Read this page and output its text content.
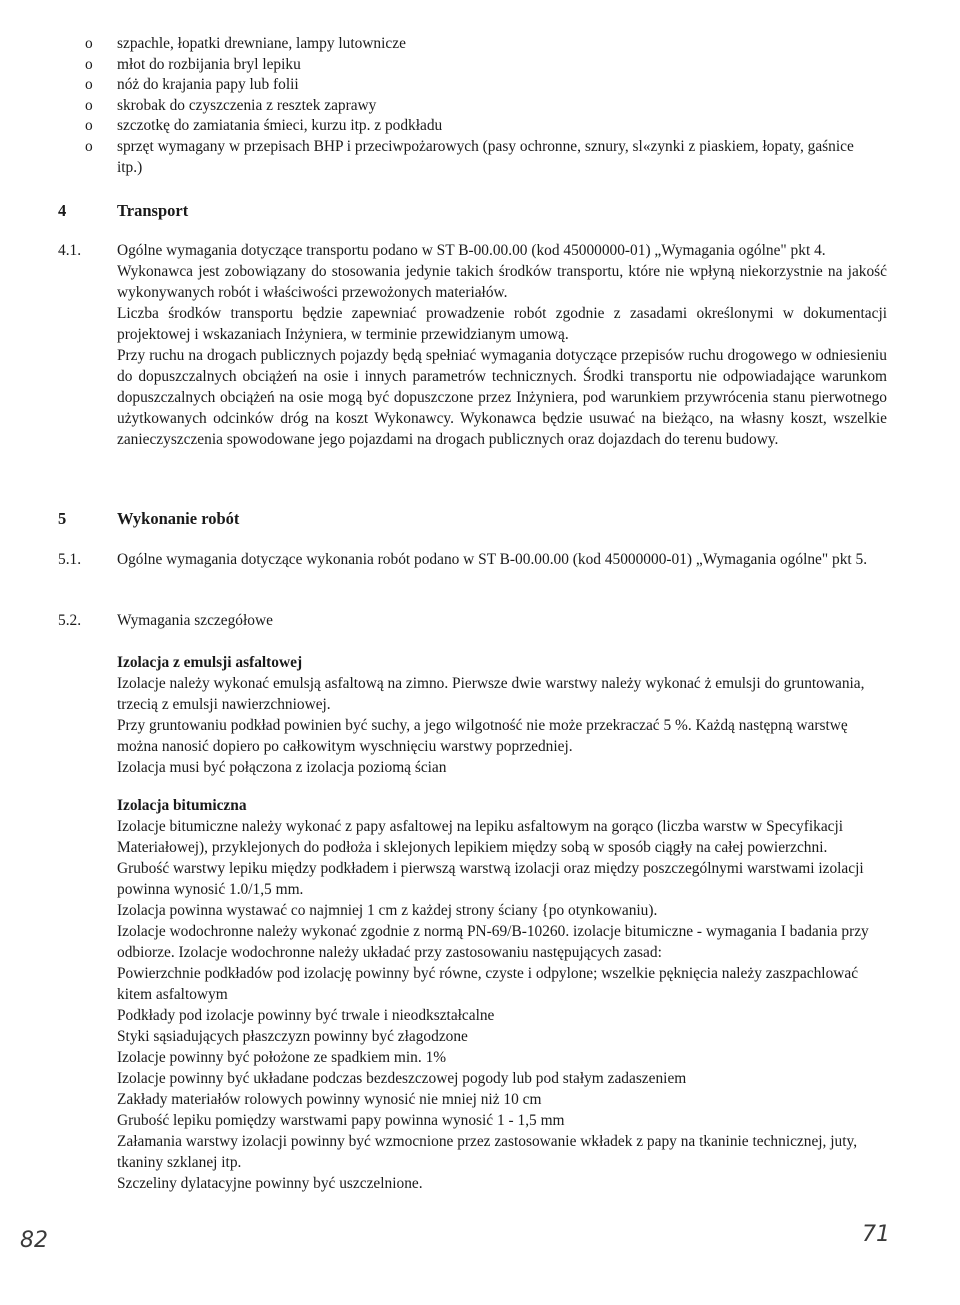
o szpachle, łopatki drewniane, lampy lutownicze
o młot do rozbijania bryl lepiku
o nóż do krajania papy lub folii
o skrobak do czyszczenia z resztek zaprawy
o szczotkę do zamiatania śmieci, kurzu itp. z podkładu
o sprzęt wymagany w przepisach BHP i przeciwpożarowych (pasy ochronne, sznury, sl«zynki z piaskiem, łopaty, gaśnice itp.)
4	Transport
4.1. Ogólne wymagania dotyczące transportu podano w ST B-00.00.00 (kod 45000000-01) „Wymagania ogólne" pkt 4.

Wykonawca jest zobowiązany do stosowania jedynie takich środków transportu, które nie wpłyną niekorzystnie na jakość wykonywanych robót i właściwości przewożonych materiałów.

Liczba środków transportu będzie zapewniać prowadzenie robót zgodnie z zasadami określonymi w dokumentacji projektowej i wskazaniach Inżyniera, w terminie przewidzianym umową.

Przy ruchu na drogach publicznych pojazdy będą spełniać wymagania dotyczące przepisów ruchu drogowego w odniesieniu do dopuszczalnych obciążeń na osie i innych parametrów technicznych. Środki transportu nie odpowiadające warunkom dopuszczalnych obciążeń na osie mogą być dopuszczone przez Inżyniera, pod warunkiem przywrócenia stanu pierwotnego użytkowanych odcinków dróg na koszt Wykonawcy. Wykonawca będzie usuwać na bieżąco, na własny koszt, wszelkie zanieczyszczenia spowodowane jego pojazdami na drogach publicznych oraz dojazdach do terenu budowy.

5	Wykonanie robót
5.1. Ogólne wymagania dotyczące wykonania robót podano w ST B-00.00.00 (kod 45000000-01) „Wymagania ogólne" pkt 5.
5.2. Wymagania szczegółowe

Izolacja z emulsji asfaltowej

Izolacje należy wykonać emulsją asfaltową na zimno. Pierwsze dwie warstwy należy wykonać ż emulsji do gruntowania, trzecią z emulsji nawierzchniowej.

Przy gruntowaniu podkład powinien być suchy, a jego wilgotność nie może przekraczać 5 %. Każdą następną warstwę można nanosić dopiero po całkowitym wyschnięciu warstwy poprzedniej.

Izolacja musi być połączona z izolacja poziomą ścian

Izolacja bitumiczna

Izolacje bitumiczne należy wykonać z papy asfaltowej na lepiku asfaltowym na gorąco (liczba warstw w Specyfikacji Materiałowej), przyklejonych do podłoża i sklejonych lepikiem między sobą w sposób ciągły na całej powierzchni.

Grubość warstwy lepiku między podkładem i pierwszą warstwą izolacji oraz między poszczególnymi warstwami izolacji powinna wynosić 1.0/1,5 mm.

Izolacja powinna wystawać co najmniej 1 cm z każdej strony ściany {po otynkowaniu).

Izolacje wodochronne należy wykonać zgodnie z normą PN-69/B-10260. izolacje bitumiczne - wymagania I badania przy odbiorze. Izolacje wodochronne należy układać przy zastosowaniu następujących zasad:

Powierzchnie podkładów pod izolację powinny być równe, czyste i odpylone; wszelkie pęknięcia należy zaszpachlować kitem asfaltowym

Podkłady pod izolacje powinny być trwale i nieodkształcalne

Styki sąsiadujących płaszczyzn powinny być złagodzone

Izolacje powinny być położone ze spadkiem min. 1%

Izolacje powinny być układane podczas bezdeszczowej pogody lub pod stałym zadaszeniem

Zakłady materiałów rolowych powinny wynosić nie mniej niż 10 cm

Grubość lepiku pomiędzy warstwami papy powinna wynosić 1 - 1,5 mm

Załamania warstwy izolacji powinny być wzmocnione przez zastosowanie wkładek z papy na tkaninie technicznej, juty, tkaniny szklanej itp.

Szczeliny dylatacyjne powinny być uszczelnione.

82	71
